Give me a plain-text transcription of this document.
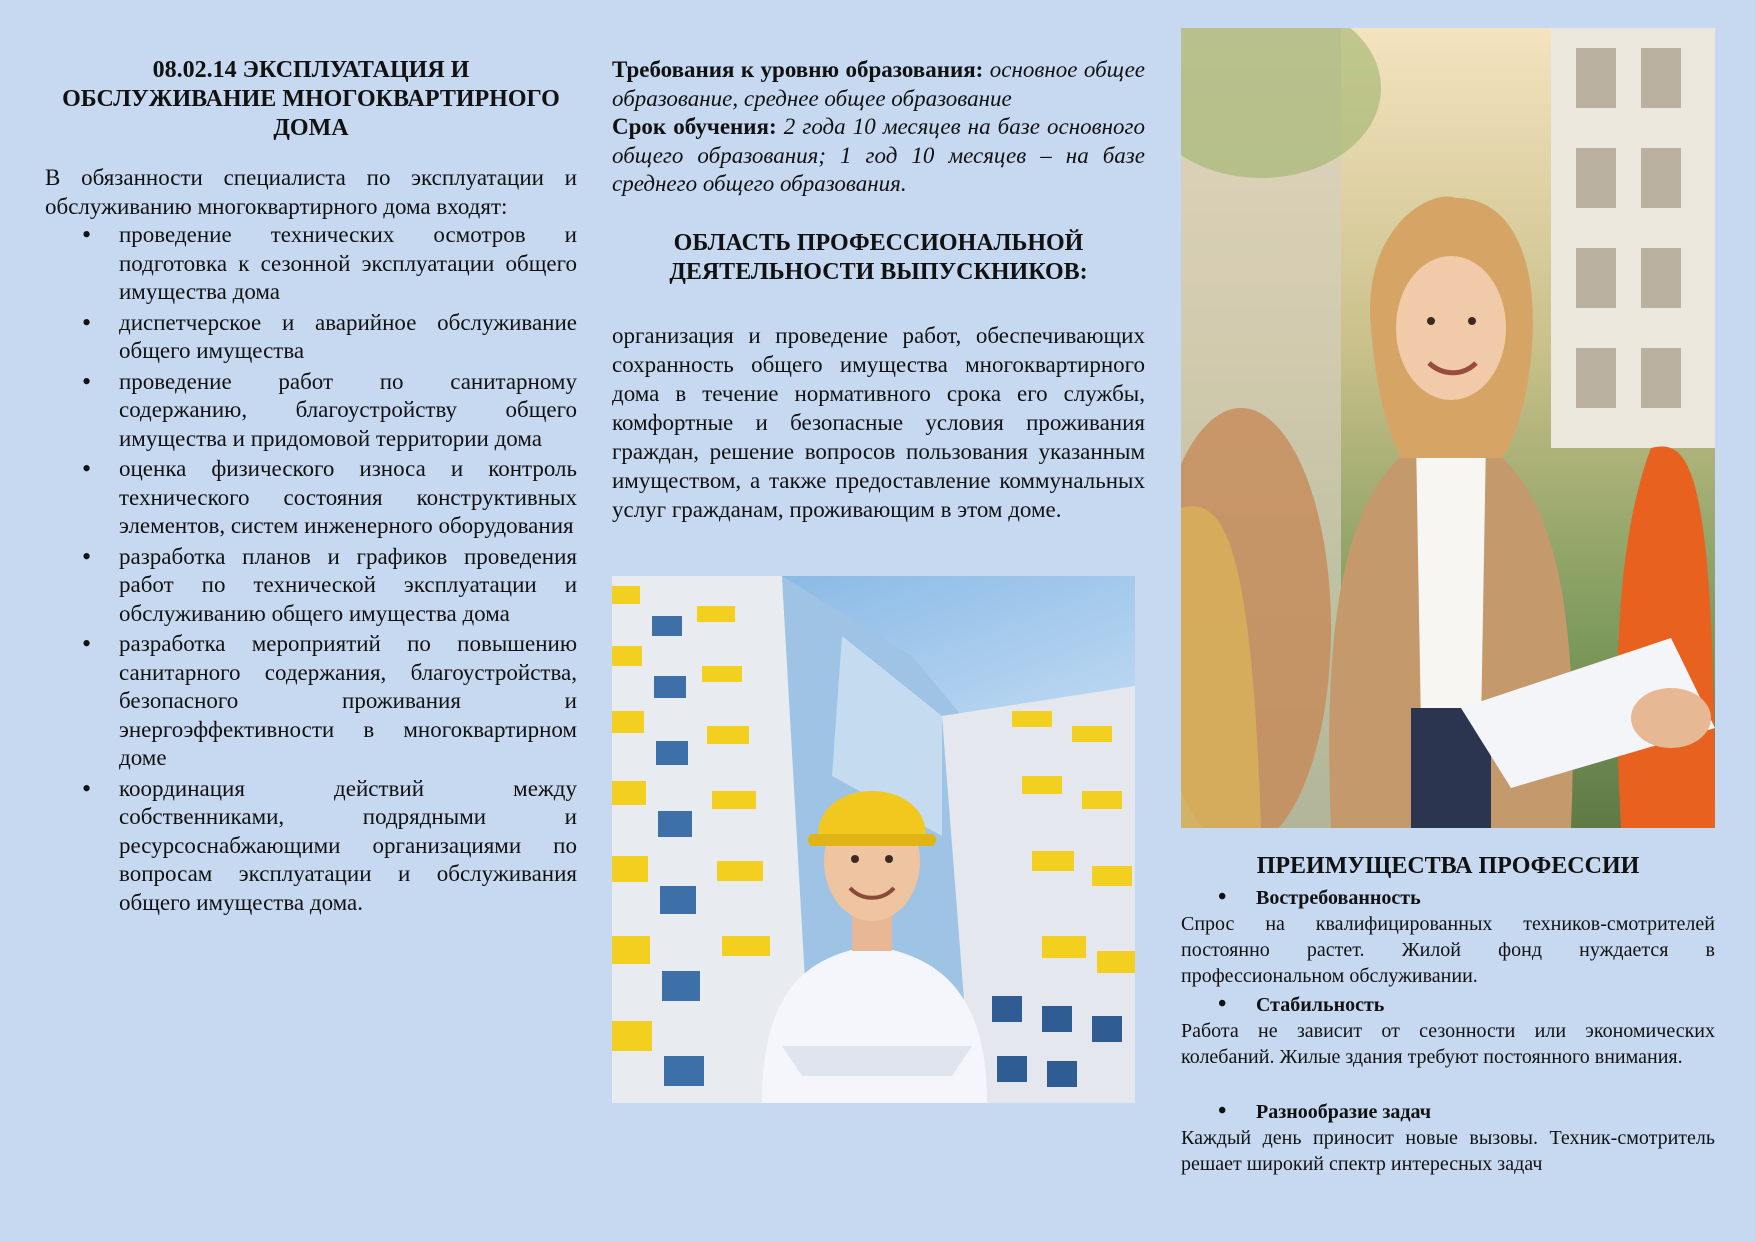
08.02.14 ЭКСПЛУАТАЦИЯ И ОБСЛУЖИВАНИЕ МНОГОКВАРТИРНОГО ДОМА

В обязанности специалиста по эксплуатации и обслуживанию многоквартирного дома входят:

• проведение технических осмотров и подготовка к сезонной эксплуатации общего имущества дома
• диспетчерское и аварийное обслуживание общего имущества
• проведение работ по санитарному содержанию, благоустройству общего имущества и придомовой территории дома
• оценка физического износа и контроль технического состояния конструктивных элементов, систем инженерного оборудования
• разработка планов и графиков проведения работ по технической эксплуатации и обслуживанию общего имущества дома
• разработка мероприятий по повышению санитарного содержания, благоустройства, безопасного проживания и энергоэффективности в многоквартирном доме
• координация действий между собственниками, подрядными и ресурсоснабжающими организациями по вопросам эксплуатации и обслуживания общего имущества дома.

Требования к уровню образования: основное общее образование, среднее общее образование
Срок обучения: 2 года 10 месяцев на базе основного общего образования; 1 год 10 месяцев – на базе среднего общего образования.

ОБЛАСТЬ ПРОФЕССИОНАЛЬНОЙ ДЕЯТЕЛЬНОСТИ ВЫПУСКНИКОВ:

организация и проведение работ, обеспечивающих сохранность общего имущества многоквартирного дома в течение нормативного срока его службы, комфортные и безопасные условия проживания граждан, решение вопросов пользования указанным имуществом, а также предоставление коммунальных услуг гражданам, проживающим в этом доме.

ПРЕИМУЩЕСТВА ПРОФЕССИИ
• Востребованность

Спрос на квалифицированных техников-смотрителей постоянно растет. Жилой фонд нуждается в профессиональном обслуживании.

• Стабильность

Работа не зависит от сезонности или экономических колебаний. Жилые здания требуют постоянного внимания.

• Разнообразие задач

Каждый день приносит новые вызовы. Техник-смотритель решает широкий спектр интересных задач
